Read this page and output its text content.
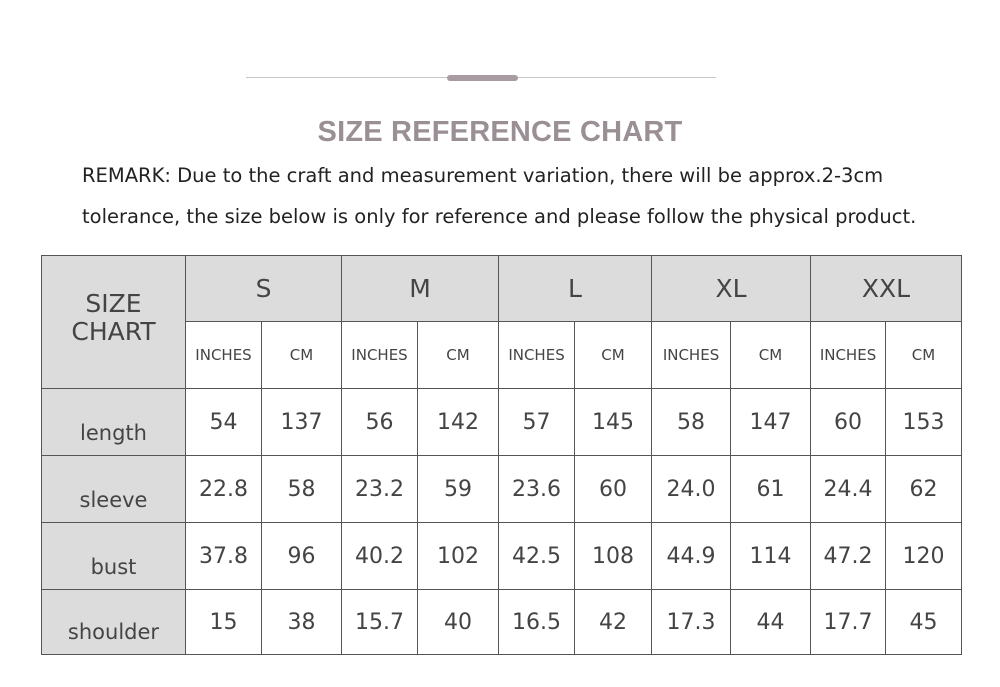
SIZE REFERENCE CHART
REMARK: Due to the craft and measurement variation, there will be approx.2-3cm
tolerance, the size below is only for reference and please follow the physical product.
SIZE
CHART	S		M		L		XL		XXL	
	INCHES	CM	INCHES	CM	INCHES	CM	INCHES	CM	INCHES	CM
length	54	137	56	142	57	145	58	147	60	153
sleeve	22.8	58	23.2	59	23.6	60	24.0	61	24.4	62
bust	37.8	96	40.2	102	42.5	108	44.9	114	47.2	120
shoulder	15	38	15.7	40	16.5	42	17.3	44	17.7	45
